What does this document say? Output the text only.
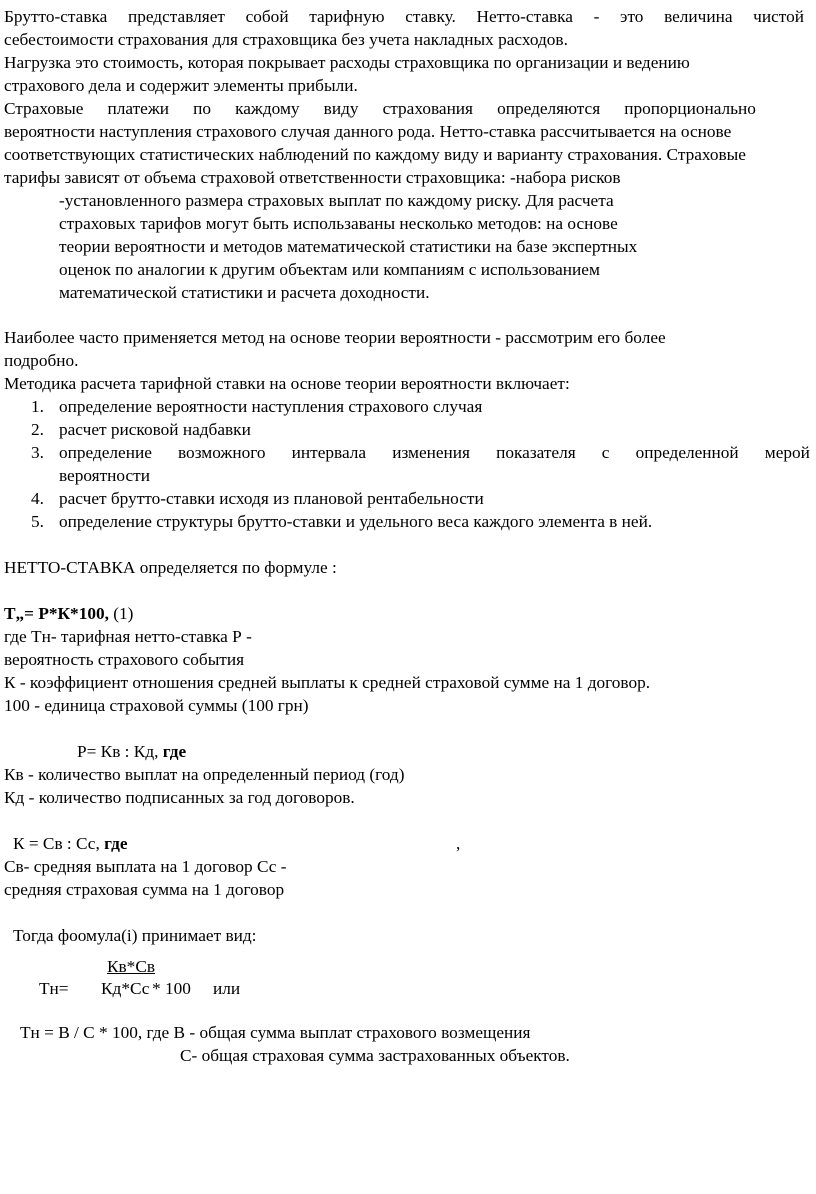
Брутто-ставка представляет собой тарифную ставку. Нетто-ставка - это величина чистой
себестоимости страхования для страховщика без учета накладных расходов.
Нагрузка это стоимость, которая покрывает расходы страховщика по организации и ведению
страхового дела и содержит элементы прибыли.
Страховые платежи по каждому виду страхования определяются пропорционально
вероятности наступления страхового случая данного рода. Нетто-ставка рассчитывается на основе
соответствующих статистических наблюдений по каждому виду и варианту страхования. Страховые
тарифы зависят от объема страховой ответственности страховщика: -набора рисков
-установленного размера страховых выплат по каждому риску. Для расчета
страховых тарифов могут быть использаваны несколько методов: на основе
теории вероятности и методов математической статистики на базе экспертных
оценок по аналогии к другим объектам или компаниям с использованием
математической статистики и расчета доходности.
Наиболее часто применяется метод на основе теории вероятности - рассмотрим его более
подробно.
Методика расчета тарифной ставки на основе теории вероятности включает:
1. определение вероятности наступления страхового случая
2. расчет рисковой надбавки
3. определение возможного интервала изменения показателя с определенной мерой
вероятности
4. расчет брутто-ставки исходя из плановой рентабельности
5. определение структуры брутто-ставки и удельного веса каждого элемента в ней.
НЕТТО-СТАВКА определяется по формуле :
Т„= Р*К*100, (1)
где Тн- тарифная нетто-ставка Р -
вероятность страхового события
К - коэффициент отношения средней выплаты к средней страховой сумме на 1 договор.
100 - единица страховой суммы (100 грн)
Р= Кв : Кд, где
Кв - количество выплат на определенный период (год)
Кд - количество подписанных за год договоров.
К = Св : Сс, где	,
Св- средняя выплата на 1 договор Сс -
средняя страховая сумма на 1 договор
Тогда фоомула(і) принимает вид:
Кв*Св
Тн= Кд*Сс * 100 или
Тн = В / С * 100, где В - общая сумма выплат страхового возмещения
С- общая страховая сумма застрахованных объектов.
